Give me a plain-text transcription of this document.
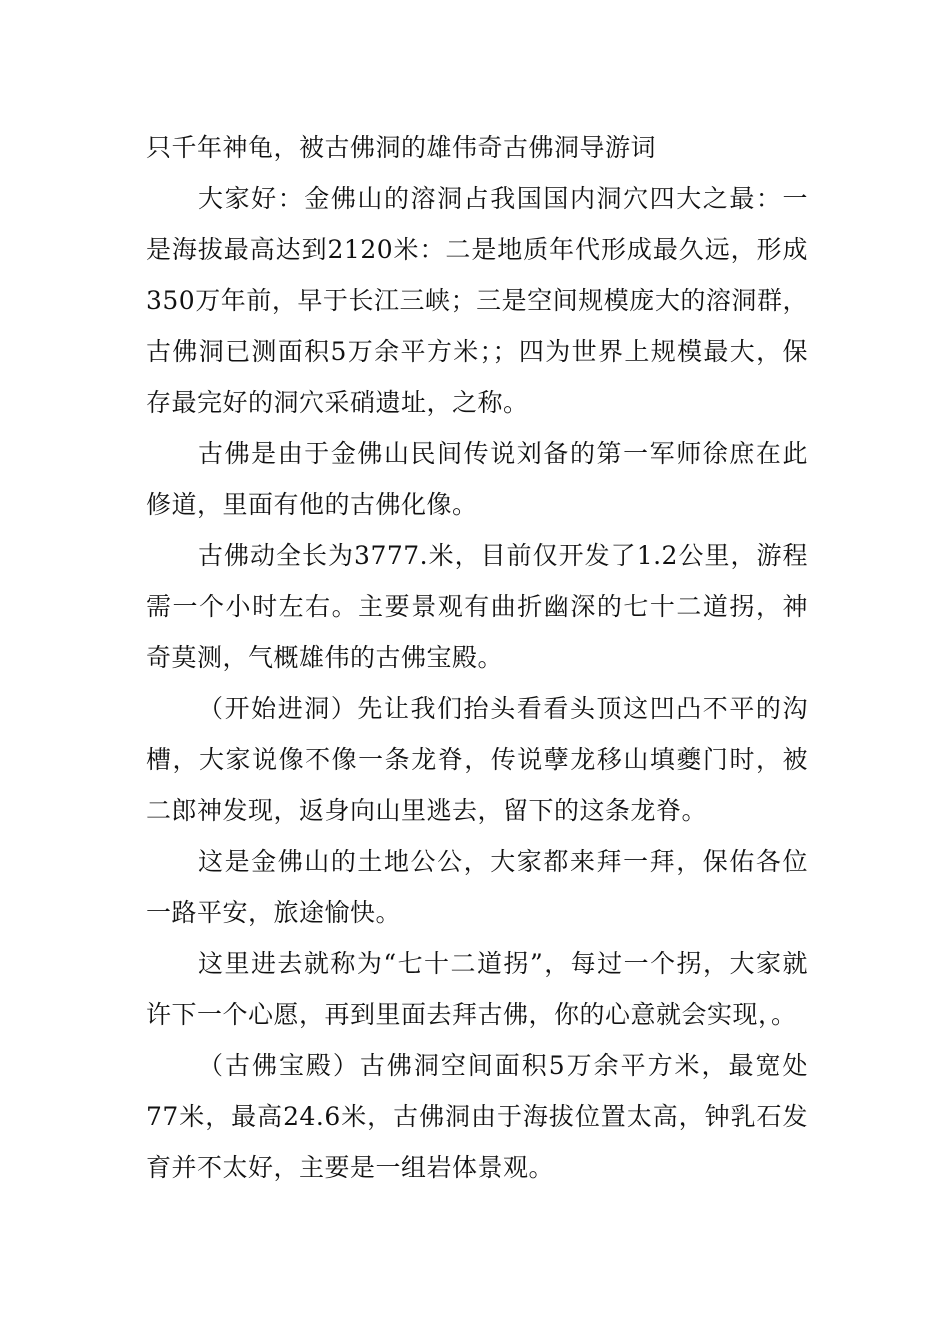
只千年神龟，被古佛洞的雄伟奇古佛洞导游词

大家好：金佛山的溶洞占我国国内洞穴四大之最：一是海拔最高达到2120米：二是地质年代形成最久远，形成350万年前，早于长江三峡；三是空间规模庞大的溶洞群，古佛洞已测面积5万余平方米；；四为世界上规模最大，保存最完好的洞穴采硝遗址，之称。

古佛是由于金佛山民间传说刘备的第一军师徐庶在此修道，里面有他的古佛化像。

古佛动全长为3777.米，目前仅开发了1.2公里，游程需一个小时左右。主要景观有曲折幽深的七十二道拐，神奇莫测，气概雄伟的古佛宝殿。

（开始进洞）先让我们抬头看看头顶这凹凸不平的沟槽，大家说像不像一条龙脊，传说孽龙移山填夔门时，被二郎神发现，返身向山里逃去，留下的这条龙脊。

这是金佛山的土地公公，大家都来拜一拜，保佑各位一路平安，旅途愉快。

这里进去就称为“七十二道拐”，每过一个拐，大家就许下一个心愿，再到里面去拜古佛，你的心意就会实现，。

（古佛宝殿）古佛洞空间面积5万余平方米，最宽处77米，最高24.6米，古佛洞由于海拔位置太高，钟乳石发育并不太好，主要是一组岩体景观。
